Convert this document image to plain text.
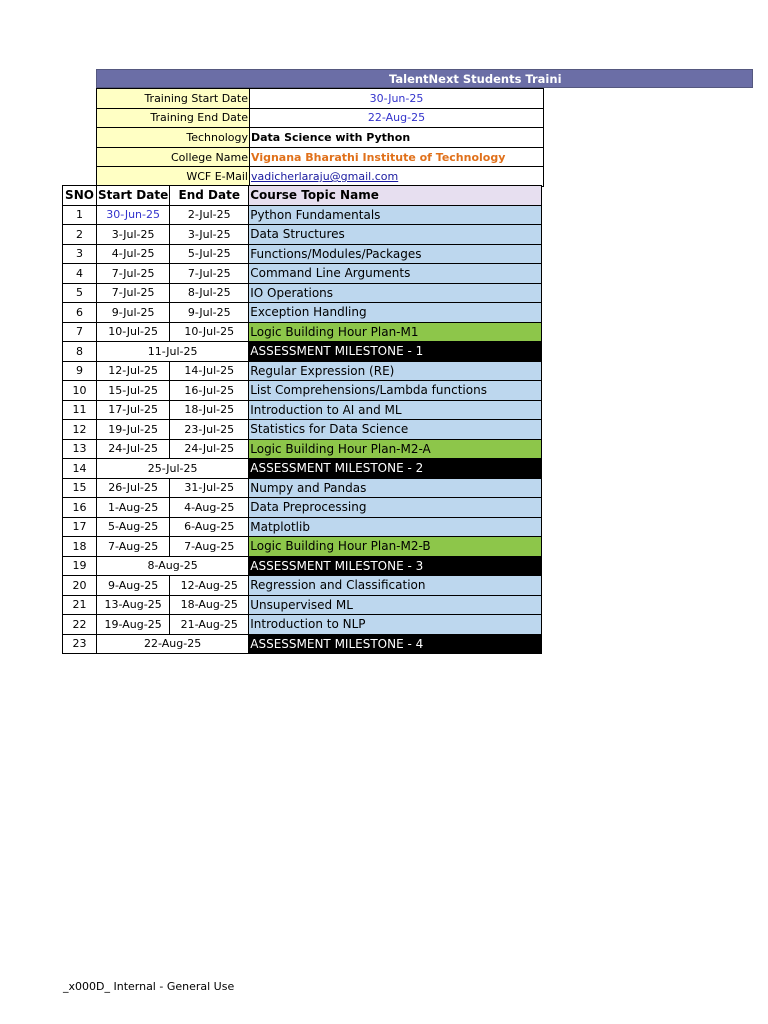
TalentNext Students Traini
Training Start Date	30-Jun-25
Training End Date	22-Aug-25
Technology	Data Science with Python
College Name	Vignana Bharathi Institute of Technology
WCF E-Mail	vadicherlaraju@gmail.com
SNO	Start Date	End Date	Course Topic Name
1	30-Jun-25	2-Jul-25	Python Fundamentals
2	3-Jul-25	3-Jul-25	Data Structures
3	4-Jul-25	5-Jul-25	Functions/Modules/Packages
4	7-Jul-25	7-Jul-25	Command Line Arguments
5	7-Jul-25	8-Jul-25	IO Operations
6	9-Jul-25	9-Jul-25	Exception Handling
7	10-Jul-25	10-Jul-25	Logic Building Hour Plan-M1
8	11-Jul-25		ASSESSMENT MILESTONE - 1
9	12-Jul-25	14-Jul-25	Regular Expression (RE)
10	15-Jul-25	16-Jul-25	List Comprehensions/Lambda functions
11	17-Jul-25	18-Jul-25	Introduction to AI and ML
12	19-Jul-25	23-Jul-25	Statistics for Data Science
13	24-Jul-25	24-Jul-25	Logic Building Hour Plan-M2-A
14	25-Jul-25		ASSESSMENT MILESTONE - 2
15	26-Jul-25	31-Jul-25	Numpy and Pandas
16	1-Aug-25	4-Aug-25	Data Preprocessing
17	5-Aug-25	6-Aug-25	Matplotlib
18	7-Aug-25	7-Aug-25	Logic Building Hour Plan-M2-B
19	8-Aug-25		ASSESSMENT MILESTONE - 3
20	9-Aug-25	12-Aug-25	Regression and Classification
21	13-Aug-25	18-Aug-25	Unsupervised ML
22	19-Aug-25	21-Aug-25	Introduction to NLP
23	22-Aug-25		ASSESSMENT MILESTONE - 4
_x000D_ Internal - General Use
